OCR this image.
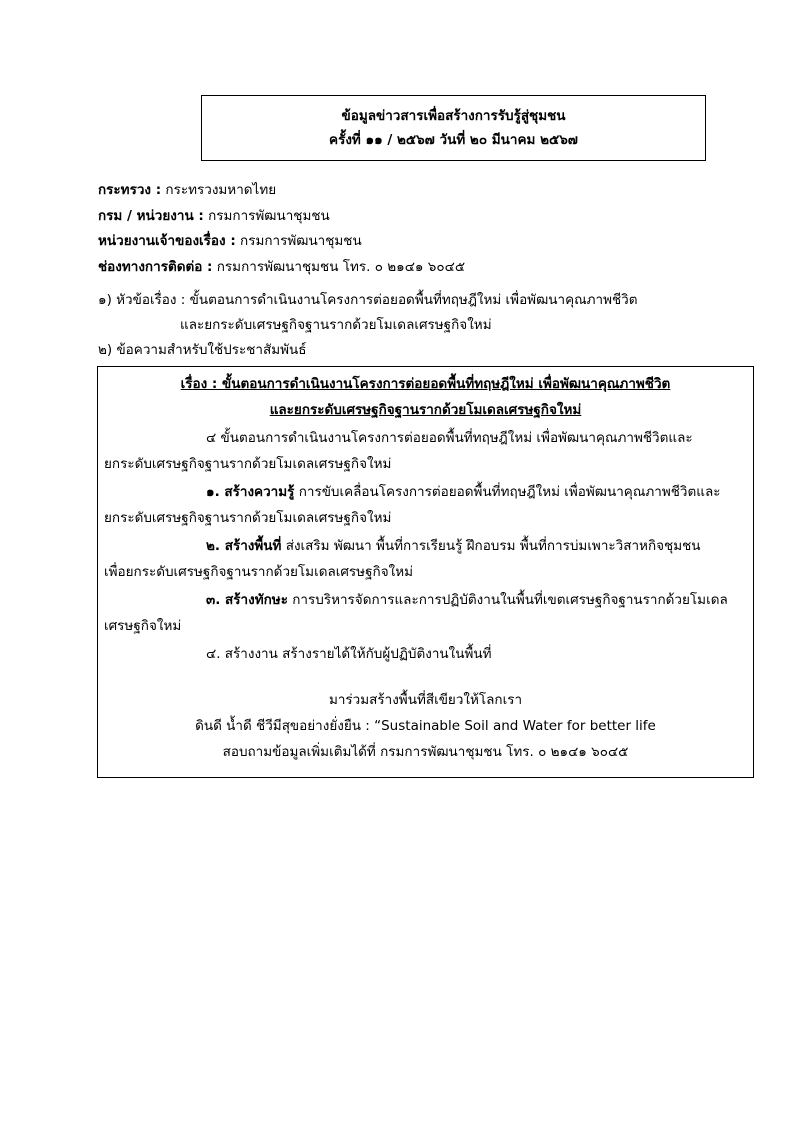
ข้อมูลข่าวสารเพื่อสร้างการรับรู้สู่ชุมชน
ครั้งที่ ๑๑ / ๒๕๖๗ วันที่ ๒๐ มีนาคม ๒๕๖๗
กระทรวง : กระทรวงมหาดไทย
กรม / หน่วยงาน : กรมการพัฒนาชุมชน
หน่วยงานเจ้าของเรื่อง : กรมการพัฒนาชุมชน
ช่องทางการติดต่อ : กรมการพัฒนาชุมชน โทร. ๐ ๒๑๔๑ ๖๐๔๕
๑) หัวข้อเรื่อง : ขั้นตอนการดำเนินงานโครงการต่อยอดพื้นที่ทฤษฎีใหม่ เพื่อพัฒนาคุณภาพชีวิต
และยกระดับเศรษฐกิจฐานรากด้วยโมเดลเศรษฐกิจใหม่
๒) ข้อความสำหรับใช้ประชาสัมพันธ์
เรื่อง : ขั้นตอนการดำเนินงานโครงการต่อยอดพื้นที่ทฤษฎีใหม่ เพื่อพัฒนาคุณภาพชีวิต
และยกระดับเศรษฐกิจฐานรากด้วยโมเดลเศรษฐกิจใหม่
๔ ขั้นตอนการดำเนินงานโครงการต่อยอดพื้นที่ทฤษฎีใหม่ เพื่อพัฒนาคุณภาพชีวิตและ
ยกระดับเศรษฐกิจฐานรากด้วยโมเดลเศรษฐกิจใหม่
๑. สร้างความรู้ การขับเคลื่อนโครงการต่อยอดพื้นที่ทฤษฎีใหม่ เพื่อพัฒนาคุณภาพชีวิตและ
ยกระดับเศรษฐกิจฐานรากด้วยโมเดลเศรษฐกิจใหม่
๒. สร้างพื้นที่ ส่งเสริม พัฒนา พื้นที่การเรียนรู้ ฝึกอบรม พื้นที่การบ่มเพาะวิสาหกิจชุมชน
เพื่อยกระดับเศรษฐกิจฐานรากด้วยโมเดลเศรษฐกิจใหม่
๓. สร้างทักษะ การบริหารจัดการและการปฏิบัติงานในพื้นที่เขตเศรษฐกิจฐานรากด้วยโมเดล
เศรษฐกิจใหม่
๔. สร้างงาน สร้างรายได้ให้กับผู้ปฏิบัติงานในพื้นที่
มาร่วมสร้างพื้นที่สีเขียวให้โลกเรา
ดินดี น้ำดี ชีวีมีสุขอย่างยั่งยืน : “Sustainable Soil and Water for better life
สอบถามข้อมูลเพิ่มเติมได้ที่ กรมการพัฒนาชุมชน โทร. ๐ ๒๑๔๑ ๖๐๔๕
